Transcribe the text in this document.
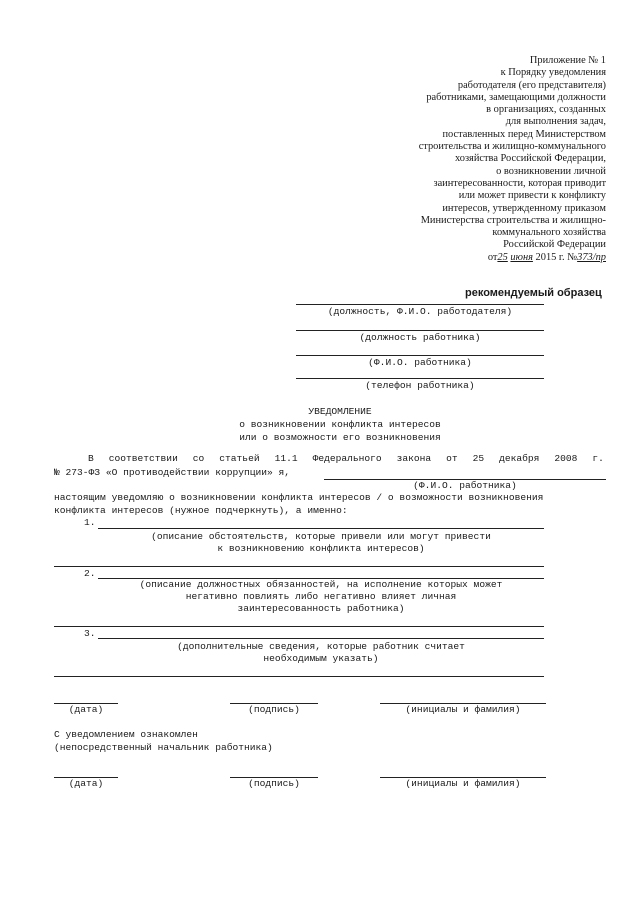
Приложение № 1
к Порядку уведомления
работодателя (его представителя)
работниками, замещающими должности
в организациях, созданных
для выполнения задач,
поставленных перед Министерством
строительства и жилищно-коммунального
хозяйства Российской Федерации,
о возникновении личной
заинтересованности, которая приводит
или может привести к конфликту
интересов, утвержденному приказом
Министерства строительства и жилищно-
коммунального хозяйства
Российской Федерации
от25 июня 2015 г. №373/пр
рекомендуемый образец
(должность, Ф.И.О. работодателя)
(должность работника)
(Ф.И.О. работника)
(телефон работника)
УВЕДОМЛЕНИЕ
о возникновении конфликта интересов
или о возможности его возникновения
В соответствии со статьей 11.1 Федерального закона от 25 декабря 2008 г.
№ 273-ФЗ «О противодействии коррупции» я,
(Ф.И.О. работника)
настоящим уведомляю о возникновении конфликта интересов / о возможности возникновения
конфликта интересов (нужное подчеркнуть), а именно:
1.
(описание обстоятельств, которые привели или могут привести
к возникновению конфликта интересов)
2.
(описание должностных обязанностей, на исполнение которых может
негативно повлиять либо негативно влияет личная
заинтересованность работника)
3.
(дополнительные сведения, которые работник считает
необходимым указать)
(дата)	(подпись)	(инициалы и фамилия)
С уведомлением ознакомлен
(непосредственный начальник работника)
(дата)	(подпись)	(инициалы и фамилия)
